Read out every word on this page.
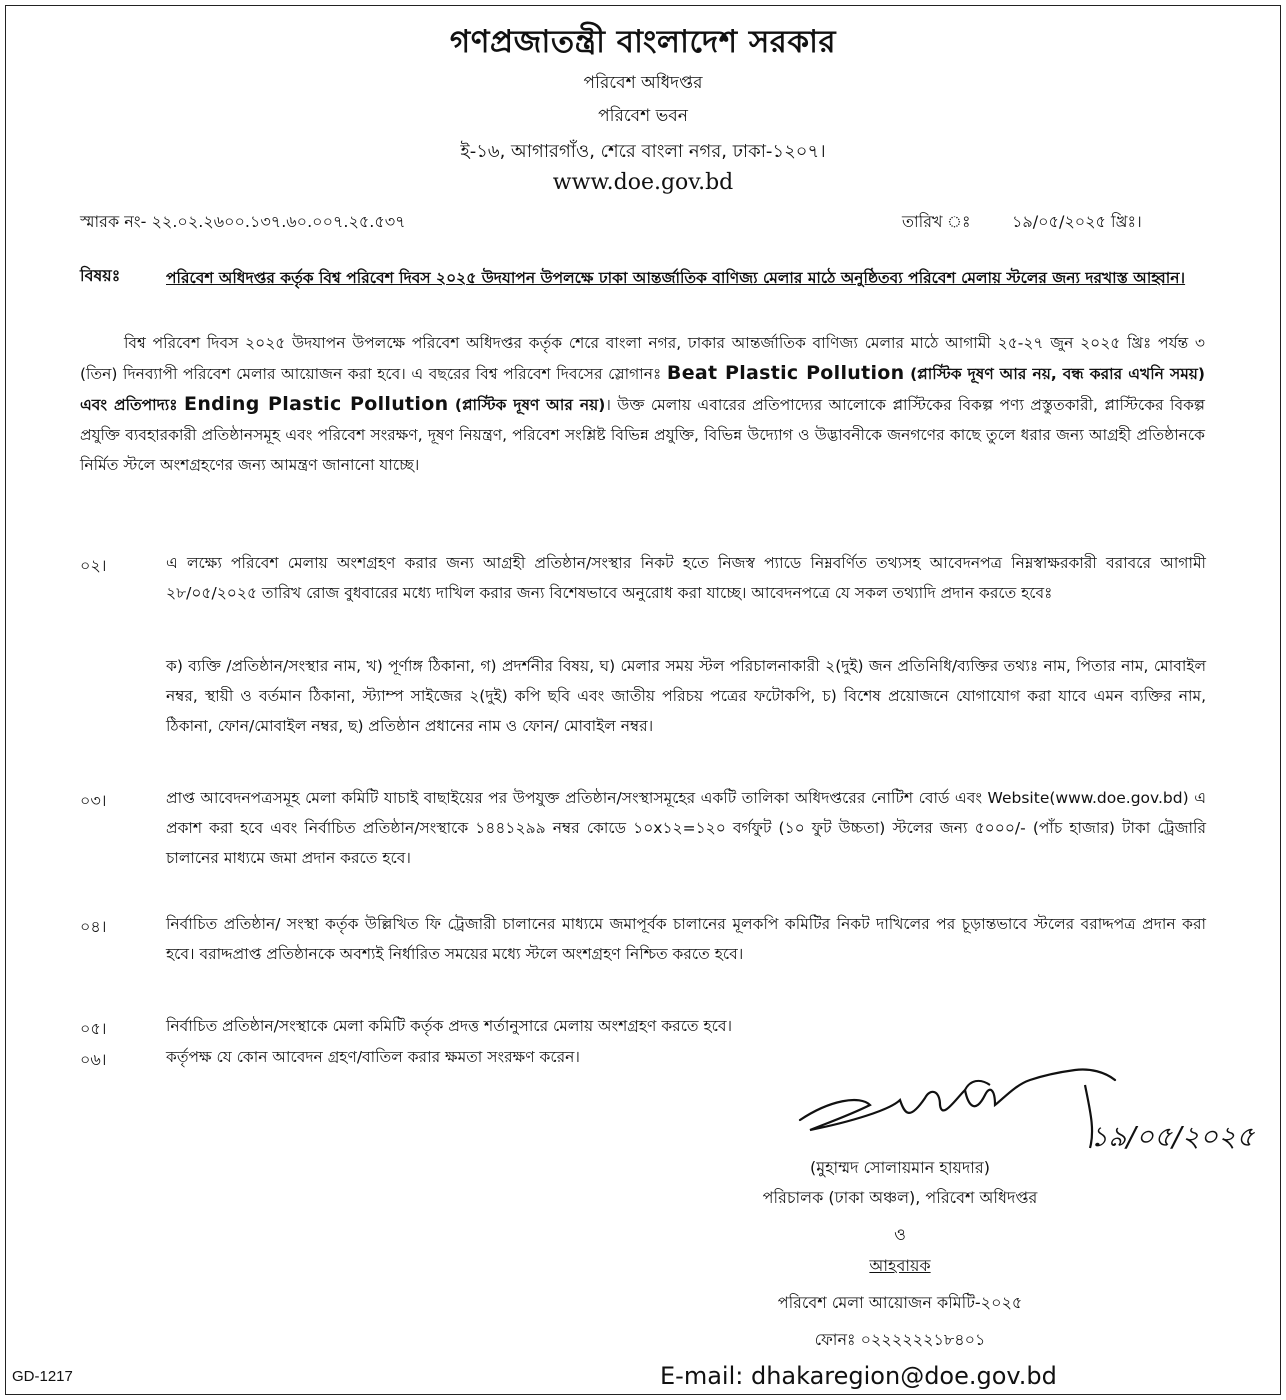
গণপ্রজাতন্ত্রী বাংলাদেশ সরকার
পরিবেশ অধিদপ্তর
পরিবেশ ভবন
ই-১৬, আগারগাঁও, শেরে বাংলা নগর, ঢাকা-১২০৭।
www.doe.gov.bd
স্মারক নং- ২২.০২.২৬০০.১৩৭.৬০.০০৭.২৫.৫৩৭	তারিখ ঃ	১৯/০৫/২০২৫ খ্রিঃ।
বিষয়ঃ	পরিবেশ অধিদপ্তর কর্তৃক বিশ্ব পরিবেশ দিবস ২০২৫ উদযাপন উপলক্ষে ঢাকা আন্তর্জাতিক বাণিজ্য মেলার মাঠে অনুষ্ঠিতব্য পরিবেশ মেলায় স্টলের জন্য দরখাস্ত আহ্বান।
বিশ্ব পরিবেশ দিবস ২০২৫ উদযাপন উপলক্ষে পরিবেশ অধিদপ্তর কর্তৃক শেরে বাংলা নগর, ঢাকার আন্তর্জাতিক বাণিজ্য মেলার মাঠে আগামী ২৫-২৭ জুন ২০২৫ খ্রিঃ পর্যন্ত ৩ (তিন) দিনব্যাপী পরিবেশ মেলার আয়োজন করা হবে। এ বছরের বিশ্ব পরিবেশ দিবসের স্লোগানঃ Beat Plastic Pollution (প্লাস্টিক দূষণ আর নয়, বন্ধ করার এখনি সময়) এবং প্রতিপাদ্যঃ Ending Plastic Pollution (প্লাস্টিক দূষণ আর নয়)। উক্ত মেলায় এবারের প্রতিপাদ্যের আলোকে প্লাস্টিকের বিকল্প পণ্য প্রস্তুতকারী, প্লাস্টিকের বিকল্প প্রযুক্তি ব্যবহারকারী প্রতিষ্ঠানসমূহ এবং পরিবেশ সংরক্ষণ, দূষণ নিয়ন্ত্রণ, পরিবেশ সংশ্লিষ্ট বিভিন্ন প্রযুক্তি, বিভিন্ন উদ্যোগ ও উদ্ভাবনীকে জনগণের কাছে তুলে ধরার জন্য আগ্রহী প্রতিষ্ঠানকে নির্মিত স্টলে অংশগ্রহণের জন্য আমন্ত্রণ জানানো যাচ্ছে।
০২।	এ লক্ষ্যে পরিবেশ মেলায় অংশগ্রহণ করার জন্য আগ্রহী প্রতিষ্ঠান/সংস্থার নিকট হতে নিজস্ব প্যাডে নিম্নবর্ণিত তথ্যসহ আবেদনপত্র নিম্নস্বাক্ষরকারী বরাবরে আগামী ২৮/০৫/২০২৫ তারিখ রোজ বুধবারের মধ্যে দাখিল করার জন্য বিশেষভাবে অনুরোধ করা যাচ্ছে। আবেদনপত্রে যে সকল তথ্যাদি প্রদান করতে হবেঃ
ক) ব্যক্তি /প্রতিষ্ঠান/সংস্থার নাম, খ) পূর্ণাঙ্গ ঠিকানা, গ) প্রদর্শনীর বিষয়, ঘ) মেলার সময় স্টল পরিচালনাকারী ২(দুই) জন প্রতিনিধি/ব্যক্তির তথ্যঃ নাম, পিতার নাম, মোবাইল নম্বর, স্থায়ী ও বর্তমান ঠিকানা, স্ট্যাম্প সাইজের ২(দুই) কপি ছবি এবং জাতীয় পরিচয় পত্রের ফটোকপি, চ) বিশেষ প্রয়োজনে যোগাযোগ করা যাবে এমন ব্যক্তির নাম, ঠিকানা, ফোন/মোবাইল নম্বর, ছ) প্রতিষ্ঠান প্রধানের নাম ও ফোন/ মোবাইল নম্বর।
০৩।	প্রাপ্ত আবেদনপত্রসমূহ মেলা কমিটি যাচাই বাছাইয়ের পর উপযুক্ত প্রতিষ্ঠান/সংস্থাসমূহের একটি তালিকা অধিদপ্তরের নোটিশ বোর্ড এবং Website(www.doe.gov.bd) এ প্রকাশ করা হবে এবং নির্বাচিত প্রতিষ্ঠান/সংস্থাকে ১৪৪১২৯৯ নম্বর কোডে ১০x১২=১২০ বর্গফুট (১০ ফুট উচ্চতা) স্টলের জন্য ৫০০০/- (পাঁচ হাজার) টাকা ট্রেজারি চালানের মাধ্যমে জমা প্রদান করতে হবে।
০৪।	নির্বাচিত প্রতিষ্ঠান/ সংস্থা কর্তৃক উল্লিখিত ফি ট্রেজারী চালানের মাধ্যমে জমাপূর্বক চালানের মূলকপি কমিটির নিকট দাখিলের পর চূড়ান্তভাবে স্টলের বরাদ্দপত্র প্রদান করা হবে। বরাদ্দপ্রাপ্ত প্রতিষ্ঠানকে অবশ্যই নির্ধারিত সময়ের মধ্যে স্টলে অংশগ্রহণ নিশ্চিত করতে হবে।
০৫।	নির্বাচিত প্রতিষ্ঠান/সংস্থাকে মেলা কমিটি কর্তৃক প্রদত্ত শর্তানুসারে মেলায় অংশগ্রহণ করতে হবে।
০৬।	কর্তৃপক্ষ যে কোন আবেদন গ্রহণ/বাতিল করার ক্ষমতা সংরক্ষণ করেন।
১৯/০৫/২০২৫
(মুহাম্মদ সোলায়মান হায়দার)
পরিচালক (ঢাকা অঞ্চল), পরিবেশ অধিদপ্তর
ও
আহবায়ক
পরিবেশ মেলা আয়োজন কমিটি-২০২৫
ফোনঃ ০২২২২২২১৮৪০১
E-mail: dhakaregion@doe.gov.bd
GD-1217
